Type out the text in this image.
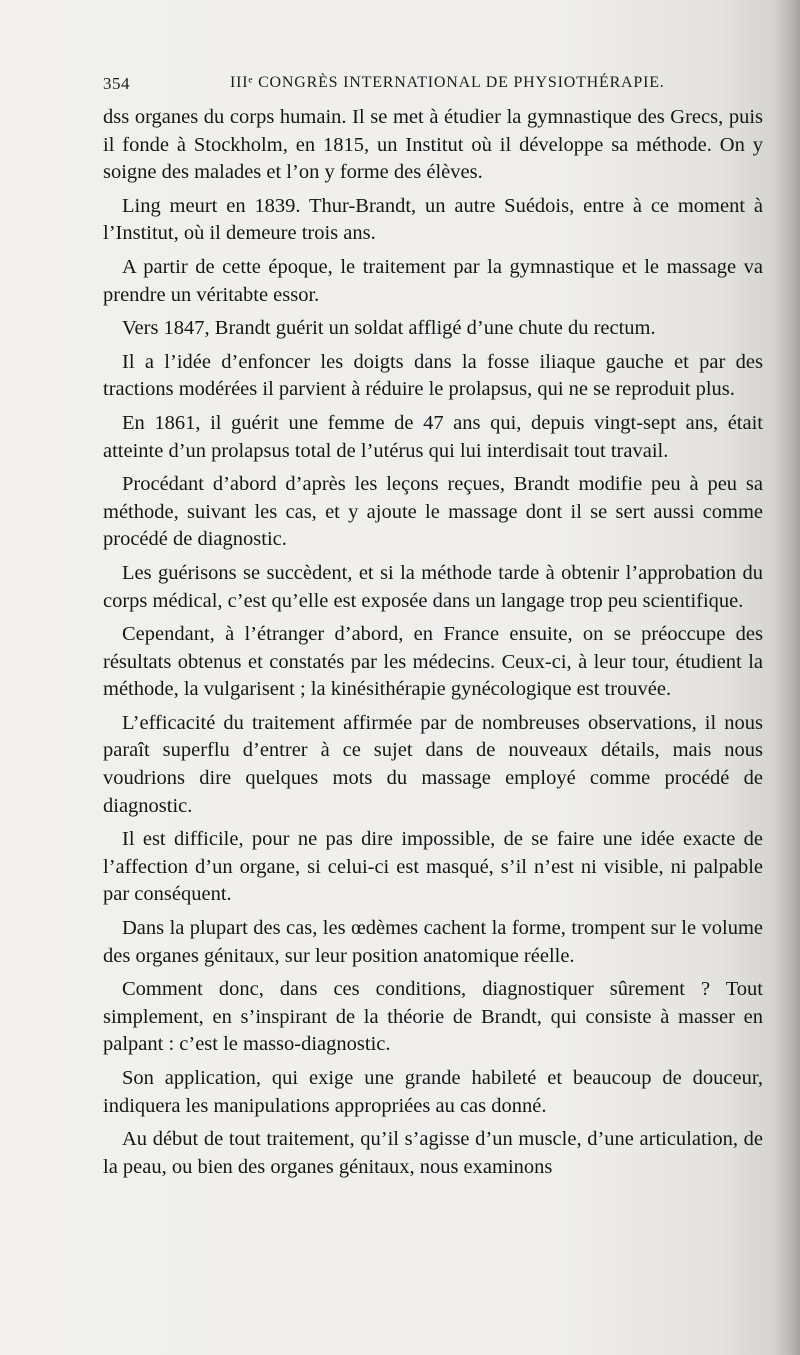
354	IIIᵉ CONGRÈS INTERNATIONAL DE PHYSIOTHÉRAPIE.

dss organes du corps humain. Il se met à étudier la gymnastique des Grecs, puis il fonde à Stockholm, en 1815, un Institut où il développe sa méthode. On y soigne des malades et l’on y forme des élèves.

Ling meurt en 1839. Thur-Brandt, un autre Suédois, entre à ce moment à l’Institut, où il demeure trois ans.

A partir de cette époque, le traitement par la gymnastique et le massage va prendre un véritabte essor.

Vers 1847, Brandt guérit un soldat affligé d’une chute du rectum.

Il a l’idée d’enfoncer les doigts dans la fosse iliaque gauche et par des tractions modérées il parvient à réduire le prolapsus, qui ne se reproduit plus.

En 1861, il guérit une femme de 47 ans qui, depuis vingt-sept ans, était atteinte d’un prolapsus total de l’utérus qui lui interdisait tout travail.

Procédant d’abord d’après les leçons reçues, Brandt modifie peu à peu sa méthode, suivant les cas, et y ajoute le massage dont il se sert aussi comme procédé de diagnostic.

Les guérisons se succèdent, et si la méthode tarde à obtenir l’approbation du corps médical, c’est qu’elle est exposée dans un langage trop peu scientifique.

Cependant, à l’étranger d’abord, en France ensuite, on se préoccupe des résultats obtenus et constatés par les médecins. Ceux-ci, à leur tour, étudient la méthode, la vulgarisent ; la kinésithérapie gynécologique est trouvée.

L’efficacité du traitement affirmée par de nombreuses observations, il nous paraît superflu d’entrer à ce sujet dans de nouveaux détails, mais nous voudrions dire quelques mots du massage employé comme procédé de diagnostic.

Il est difficile, pour ne pas dire impossible, de se faire une idée exacte de l’affection d’un organe, si celui-ci est masqué, s’il n’est ni visible, ni palpable par conséquent.

Dans la plupart des cas, les œdèmes cachent la forme, trompent sur le volume des organes génitaux, sur leur position anatomique réelle.

Comment donc, dans ces conditions, diagnostiquer sûrement ? Tout simplement, en s’inspirant de la théorie de Brandt, qui consiste à masser en palpant : c’est le masso-diagnostic.

Son application, qui exige une grande habileté et beaucoup de douceur, indiquera les manipulations appropriées au cas donné.

Au début de tout traitement, qu’il s’agisse d’un muscle, d’une articulation, de la peau, ou bien des organes génitaux, nous examinons
